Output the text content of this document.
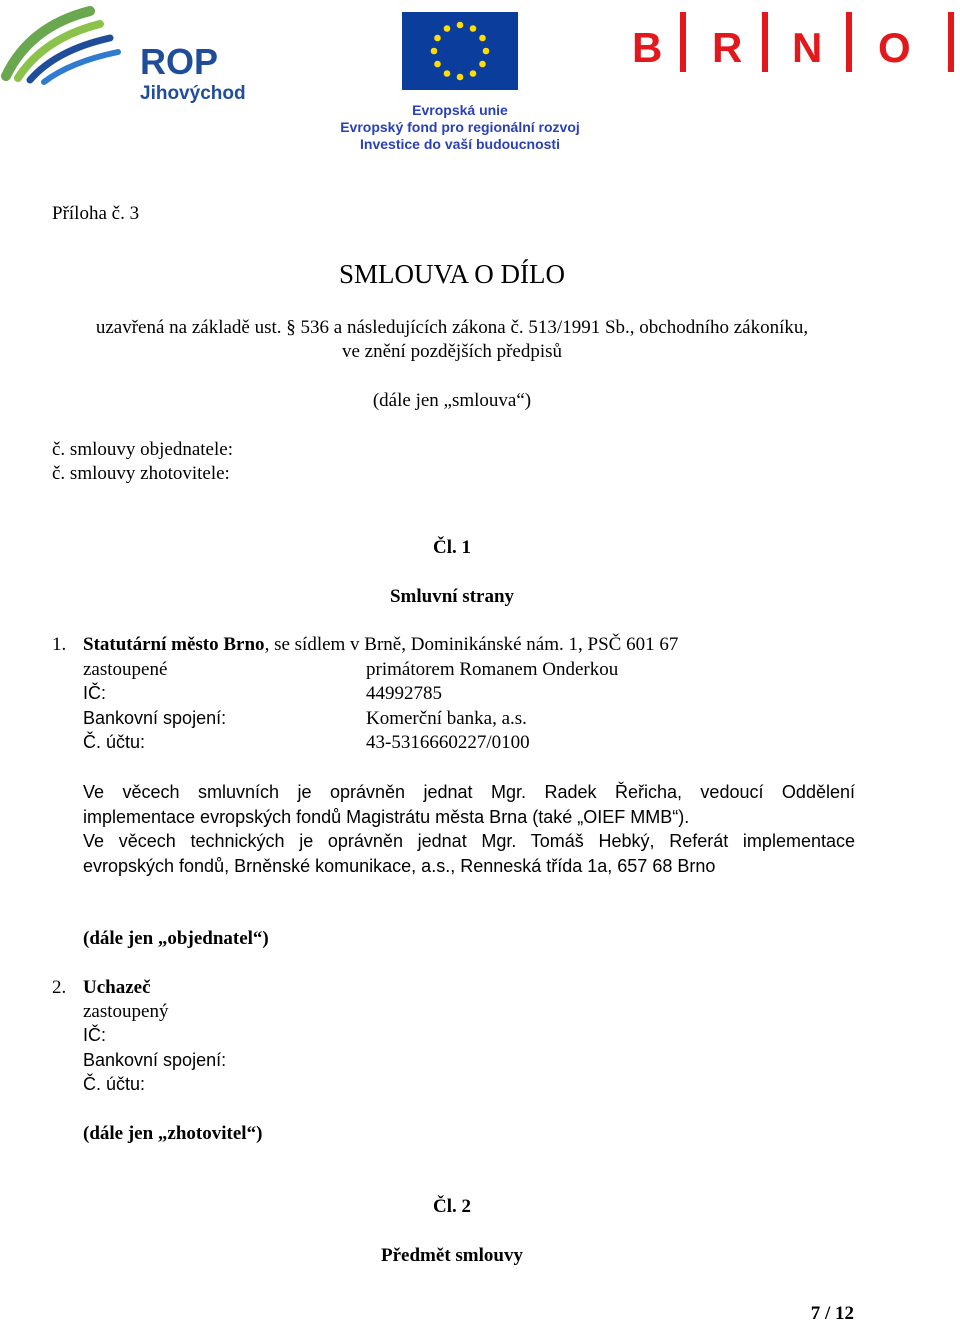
ROP
Jihovýchod
Evropská unie
Evropský fond pro regionální rozvoj
Investice do vaší budoucnosti
B R N O
Příloha č. 3
SMLOUVA O DÍLO
uzavřená na základě ust. § 536 a následujících zákona č. 513/1991 Sb., obchodního zákoníku,
ve znění pozdějších předpisů
(dále jen „smlouva“)
č. smlouvy objednatele:
č. smlouvy zhotovitele:
Čl. 1
Smluvní strany
1. Statutární město Brno, se sídlem v Brně, Dominikánské nám. 1, PSČ 601 67
zastoupené	primátorem Romanem Onderkou
IČ:	44992785
Bankovní spojení:	Komerční banka, a.s.
Č. účtu:	43-5316660227/0100
Ve věcech smluvních je oprávněn jednat Mgr. Radek Řeřicha, vedoucí Oddělení
implementace evropských fondů Magistrátu města Brna (také „OIEF MMB“).
Ve věcech technických je oprávněn jednat Mgr. Tomáš Hebký, Referát implementace
evropských fondů, Brněnské komunikace, a.s., Renneská třída 1a, 657 68 Brno
(dále jen „objednatel“)
2. Uchazeč
zastoupený
IČ:
Bankovní spojení:
Č. účtu:
(dále jen „zhotovitel“)
Čl. 2
Předmět smlouvy
7 / 12
